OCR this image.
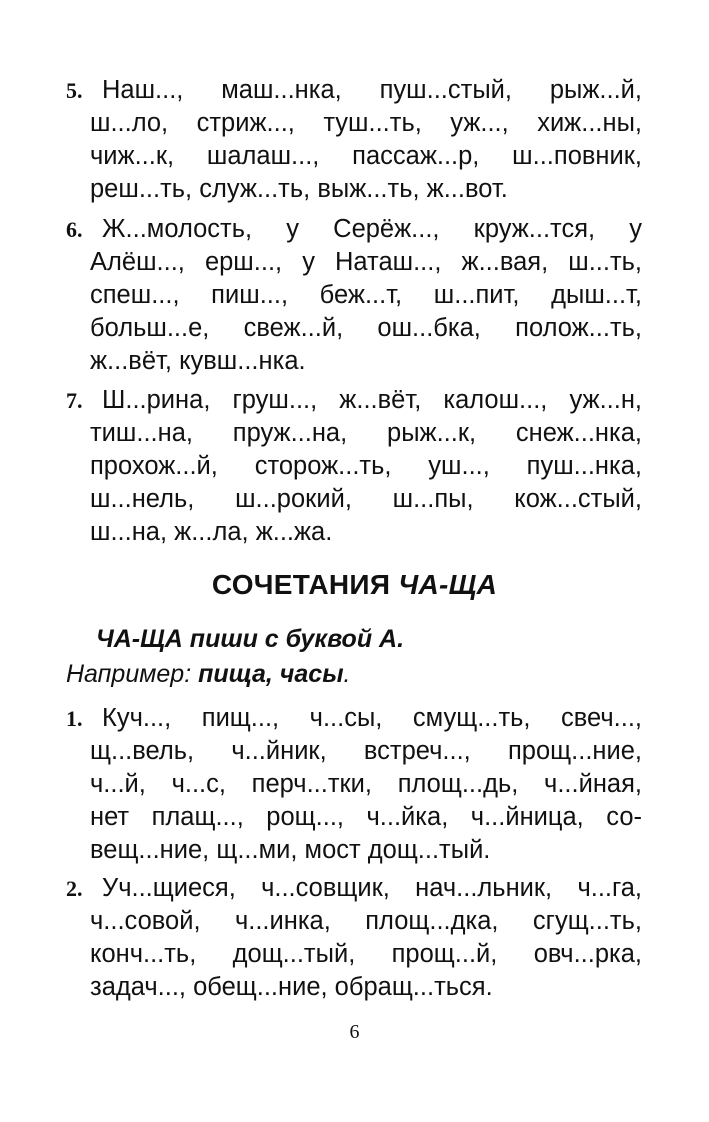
5. Наш..., маш...нка, пуш...стый, рыж...й,
ш...ло, стриж..., туш...ть, уж..., хиж...ны,
чиж...к, шалаш..., пассаж...р, ш...повник,
реш...ть, служ...ть, выж...ть, ж...вот.
6. Ж...молость, у Серёж..., круж...тся, у
Алёш..., ерш..., у Наташ..., ж...вая, ш...ть,
спеш..., пиш..., беж...т, ш...пит, дыш...т,
больш...е, свеж...й, ош...бка, полож...ть,
ж...вёт, кувш...нка.
7. Ш...рина, груш..., ж...вёт, калош..., уж...н,
тиш...на, пруж...на, рыж...к, снеж...нка,
прохож...й, сторож...ть, уш..., пуш...нка,
ш...нель, ш...рокий, ш...пы, кож...стый,
ш...на, ж...ла, ж...жа.
СОЧЕТАНИЯ ЧА-ЩА
ЧА-ЩА пиши с буквой А.
Например: пища, часы.
1. Куч..., пищ..., ч...сы, смущ...ть, свеч...,
щ...вель, ч...йник, встреч..., прощ...ние,
ч...й, ч...с, перч...тки, площ...дь, ч...йная,
нет плащ..., рощ..., ч...йка, ч...йница, со-
вещ...ние, щ...ми, мост дощ...тый.
2. Уч...щиеся, ч...совщик, нач...льник, ч...га,
ч...совой, ч...инка, площ...дка, сгущ...ть,
конч...ть, дощ...тый, прощ...й, овч...рка,
задач..., обещ...ние, обращ...ться.
6
